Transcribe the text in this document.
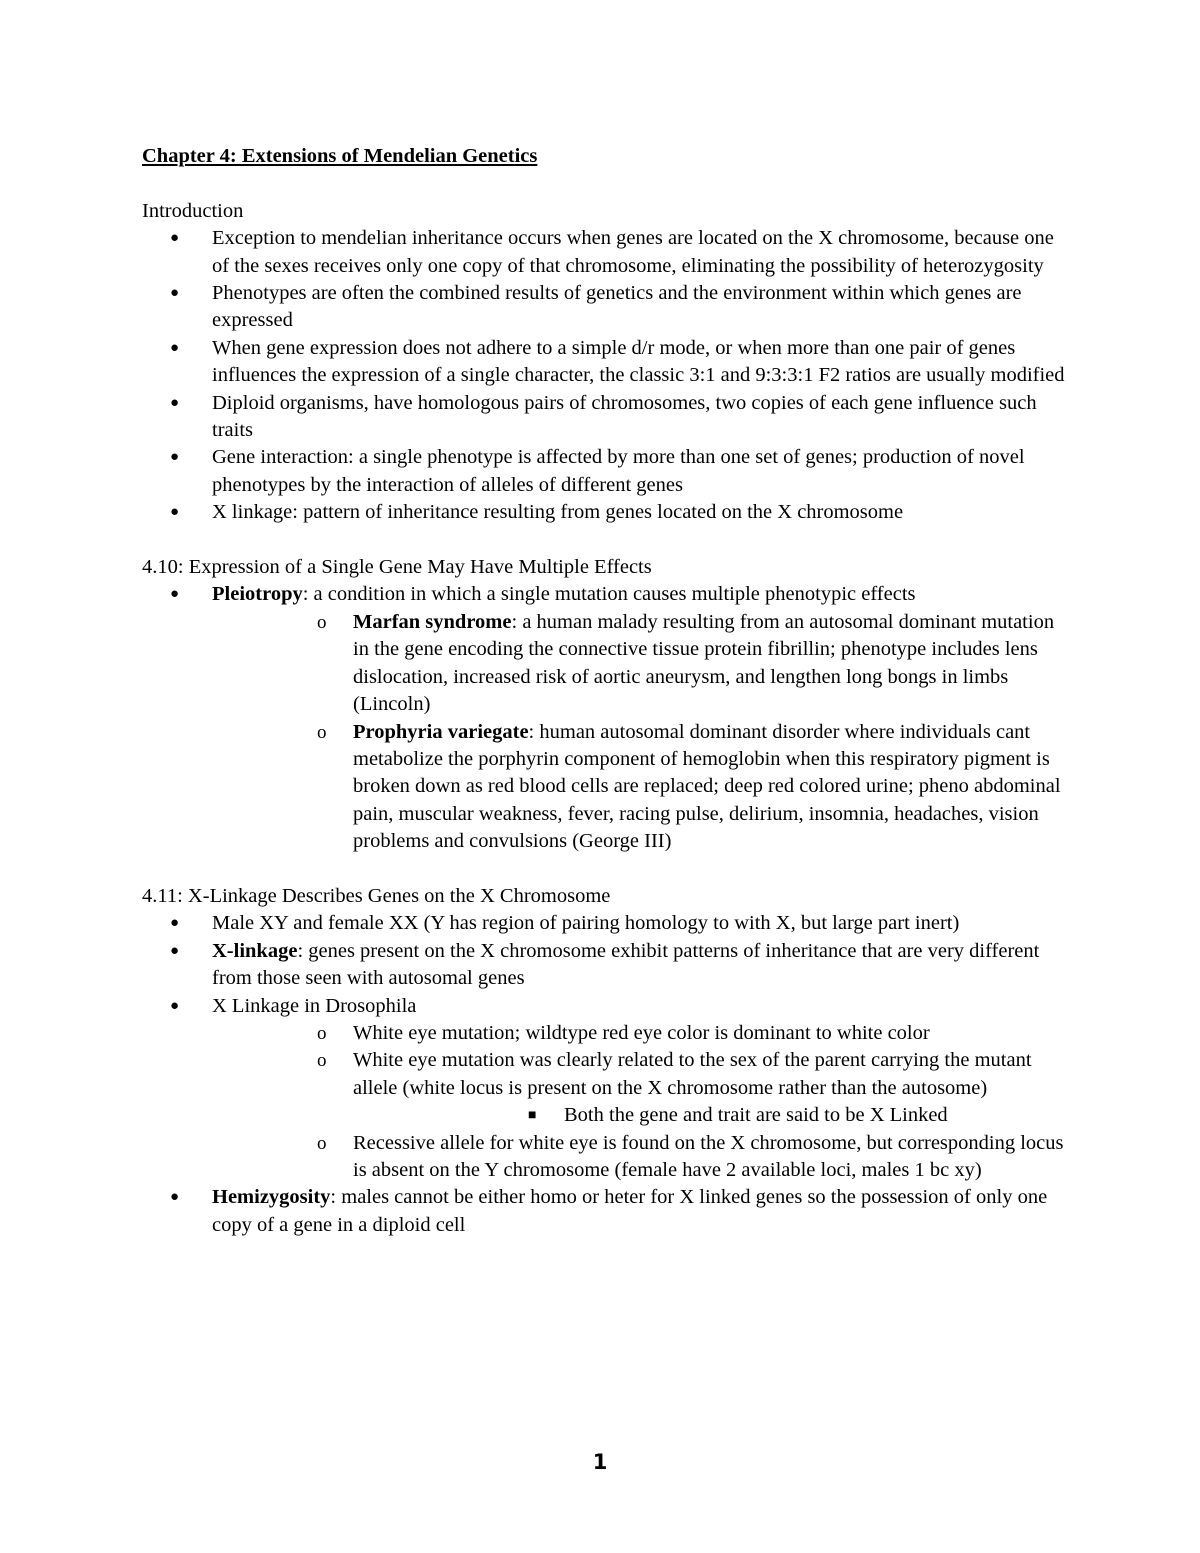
Chapter 4: Extensions of Mendelian Genetics
Introduction
● Exception to mendelian inheritance occurs when genes are located on the X chromosome, because one of the sexes receives only one copy of that chromosome, eliminating the possibility of heterozygosity
● Phenotypes are often the combined results of genetics and the environment within which genes are expressed
● When gene expression does not adhere to a simple d/r mode, or when more than one pair of genes influences the expression of a single character, the classic 3:1 and 9:3:3:1 F2 ratios are usually modified
● Diploid organisms, have homologous pairs of chromosomes, two copies of each gene influence such traits
● Gene interaction: a single phenotype is affected by more than one set of genes; production of novel phenotypes by the interaction of alleles of different genes
● X linkage: pattern of inheritance resulting from genes located on the X chromosome
4.10: Expression of a Single Gene May Have Multiple Effects
● Pleiotropy: a condition in which a single mutation causes multiple phenotypic effects
o Marfan syndrome: a human malady resulting from an autosomal dominant mutation in the gene encoding the connective tissue protein fibrillin; phenotype includes lens dislocation, increased risk of aortic aneurysm, and lengthen long bongs in limbs (Lincoln)
o Prophyria variegate: human autosomal dominant disorder where individuals cant metabolize the porphyrin component of hemoglobin when this respiratory pigment is broken down as red blood cells are replaced; deep red colored urine; pheno abdominal pain, muscular weakness, fever, racing pulse, delirium, insomnia, headaches, vision problems and convulsions (George III)
4.11: X-Linkage Describes Genes on the X Chromosome
● Male XY and female XX (Y has region of pairing homology to with X, but large part inert)
● X-linkage: genes present on the X chromosome exhibit patterns of inheritance that are very different from those seen with autosomal genes
● X Linkage in Drosophila
o White eye mutation; wildtype red eye color is dominant to white color
o White eye mutation was clearly related to the sex of the parent carrying the mutant allele (white locus is present on the X chromosome rather than the autosome)
■ Both the gene and trait are said to be X Linked
o Recessive allele for white eye is found on the X chromosome, but corresponding locus is absent on the Y chromosome (female have 2 available loci, males 1 bc xy)
● Hemizygosity: males cannot be either homo or heter for X linked genes so the possession of only one copy of a gene in a diploid cell
1
